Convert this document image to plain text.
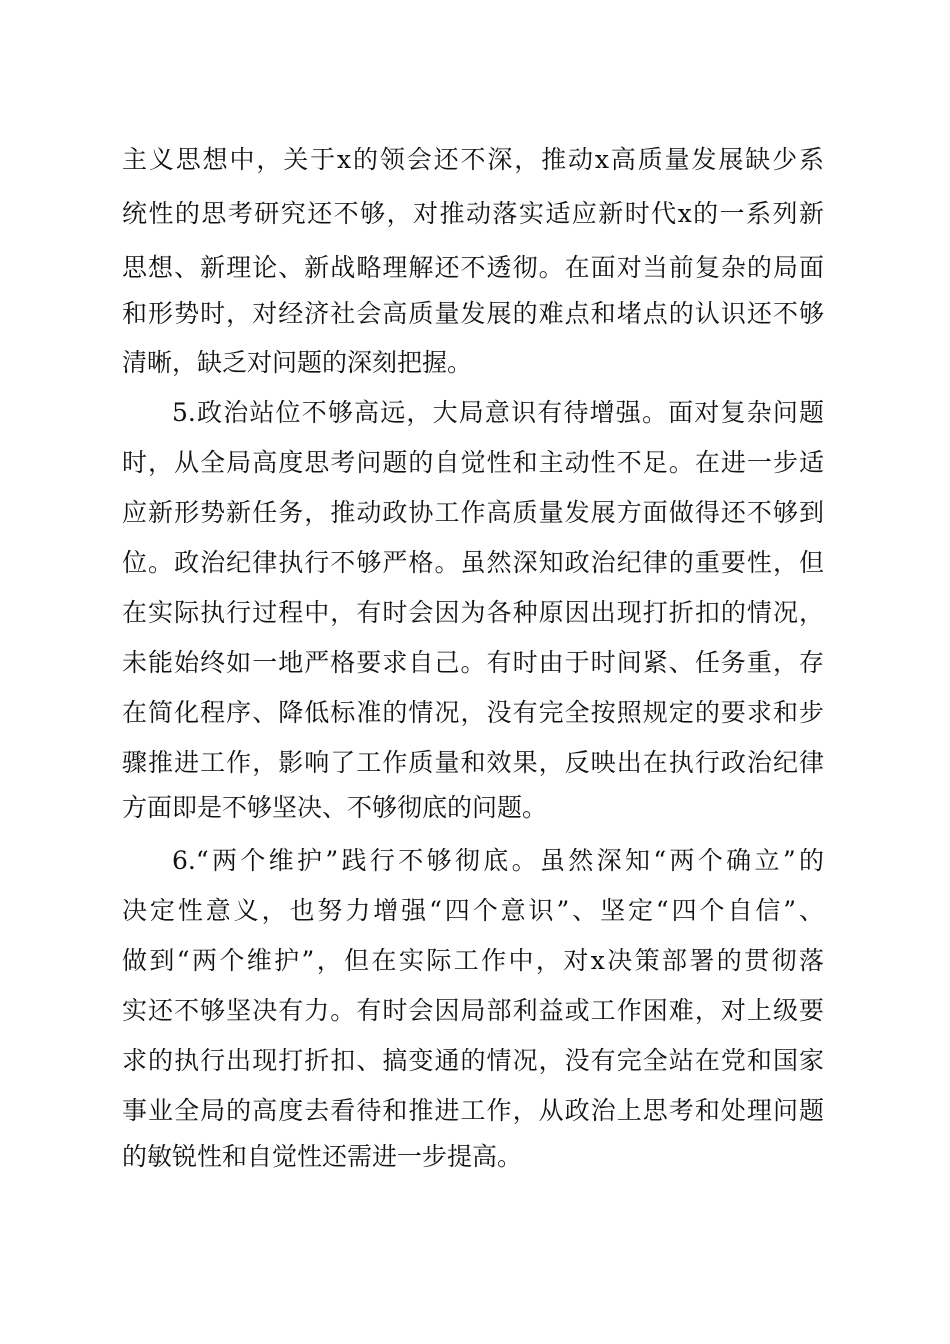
主义思想中，关于x的领会还不深，推动x高质量发展缺少系
统性的思考研究还不够，对推动落实适应新时代x的一系列新
思想、新理论、新战略理解还不透彻。在面对当前复杂的局面
和形势时，对经济社会高质量发展的难点和堵点的认识还不够
清晰，缺乏对问题的深刻把握。
5.政治站位不够高远，大局意识有待增强。面对复杂问题
时，从全局高度思考问题的自觉性和主动性不足。在进一步适
应新形势新任务，推动政协工作高质量发展方面做得还不够到
位。政治纪律执行不够严格。虽然深知政治纪律的重要性，但
在实际执行过程中，有时会因为各种原因出现打折扣的情况，
未能始终如一地严格要求自己。有时由于时间紧、任务重，存
在简化程序、降低标准的情况，没有完全按照规定的要求和步
骤推进工作，影响了工作质量和效果，反映出在执行政治纪律
方面即是不够坚决、不够彻底的问题。
6.“两个维护”践行不够彻底。虽然深知“两个确立”的
决定性意义，也努力增强“四个意识”、坚定“四个自信”、
做到“两个维护”，但在实际工作中，对x决策部署的贯彻落
实还不够坚决有力。有时会因局部利益或工作困难，对上级要
求的执行出现打折扣、搞变通的情况，没有完全站在党和国家
事业全局的高度去看待和推进工作，从政治上思考和处理问题
的敏锐性和自觉性还需进一步提高。
